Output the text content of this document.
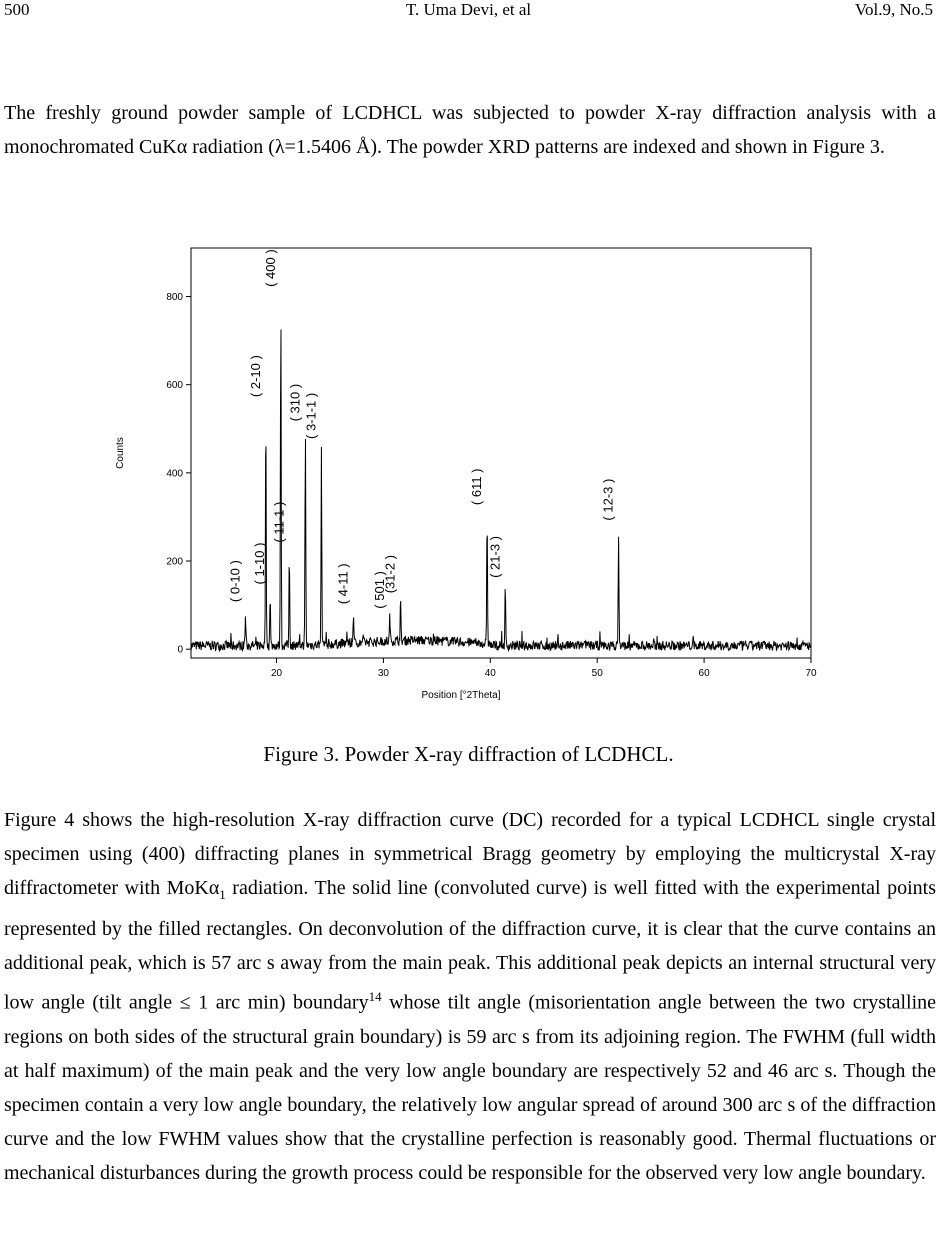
500	T. Uma Devi, et al	Vol.9, No.5

The freshly ground powder sample of LCDHCL was subjected to powder X-ray diffraction analysis with a monochromated CuKα radiation (λ=1.5406 Å). The powder XRD patterns are indexed and shown in Figure 3.

0
200
400
600
800
20	30	40	50	60	70
( 0-10 ) ( 1-10 )
( 2-10 )
( 400 )
( 11-1 )
( 310 ) ( 3-1-1 )
( 4-11 ) ( 501 )
(31-2 )
( 611 )
( 21-3 )
( 12-3 )
Counts
Position [°2Theta]
Figure 3. Powder X-ray diffraction of LCDHCL.

Figure 4 shows the high-resolution X-ray diffraction curve (DC) recorded for a typical LCDHCL single crystal specimen using (400) diffracting planes in symmetrical Bragg geometry by employing the multicrystal X-ray diffractometer with MoKα$_1$ radiation. The solid line (convoluted curve) is well fitted with the experimental points represented by the filled rectangles. On deconvolution of the diffraction curve, it is clear that the curve contains an additional peak, which is 57 arc s away from the main peak. This additional peak depicts an internal structural very low angle (tilt angle ≤ 1 arc min) boundary$^{14}$ whose tilt angle (misorientation angle between the two crystalline regions on both sides of the structural grain boundary) is 59 arc s from its adjoining region. The FWHM (full width at half maximum) of the main peak and the very low angle boundary are respectively 52 and 46 arc s. Though the specimen contain a very low angle boundary, the relatively low angular spread of around 300 arc s of the diffraction curve and the low FWHM values show that the crystalline perfection is reasonably good. Thermal fluctuations or mechanical disturbances during the growth process could be responsible for the observed very low angle boundary.
